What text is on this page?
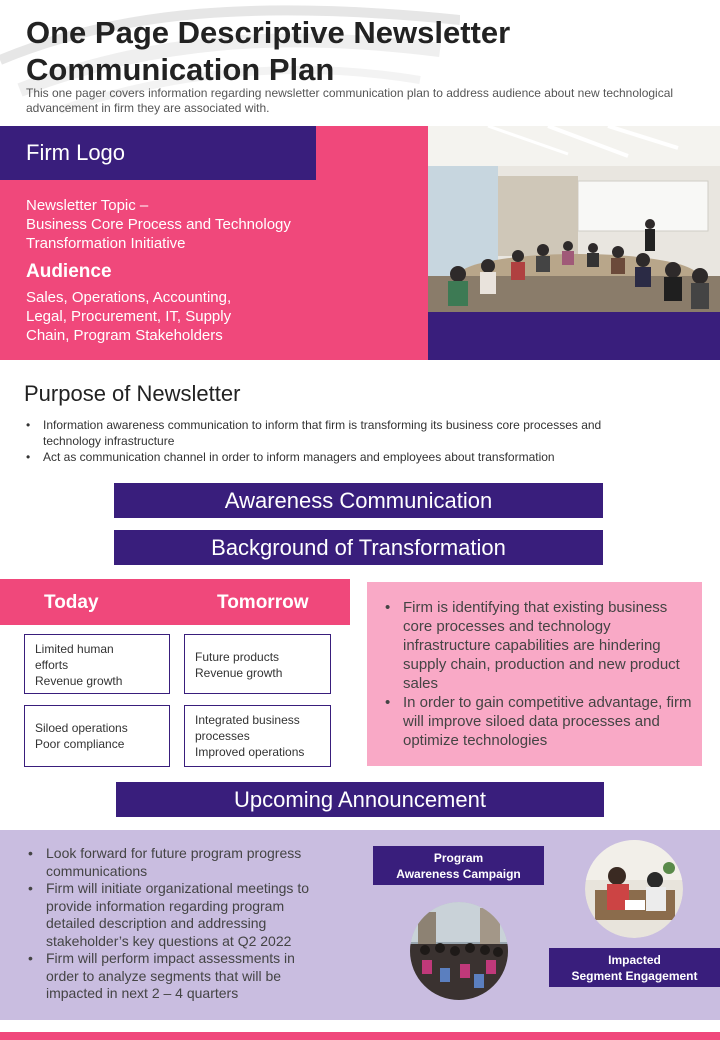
One Page Descriptive Newsletter Communication Plan
This one pager covers information regarding newsletter communication plan to address audience about new technological advancement in firm they are associated with.
Firm Logo
Newsletter Topic –
Business Core Process and Technology
Transformation Initiative
Audience
Sales, Operations, Accounting,
Legal, Procurement, IT, Supply
Chain, Program Stakeholders
Purpose of Newsletter
• Information awareness communication to inform that firm is transforming its business core processes and technology infrastructure
• Act as communication channel in order to inform managers and employees about transformation
Awareness Communication
Background of Transformation
Today	Tomorrow
Limited human
efforts
Revenue growth
Future products
Revenue growth
Siloed operations
Poor compliance
Integrated business
processes
Improved operations
• Firm is identifying that existing business core processes and technology infrastructure capabilities are hindering supply chain, production and new product sales
• In order to gain competitive advantage, firm will improve siloed data processes and optimize technologies
Upcoming Announcement
• Look forward for future program progress communications
• Firm will initiate organizational meetings to provide information regarding program detailed description and addressing stakeholder’s key questions at Q2 2022
• Firm will perform impact assessments in order to analyze segments that will be impacted in next 2 – 4 quarters
Program
Awareness Campaign
Impacted
Segment Engagement
